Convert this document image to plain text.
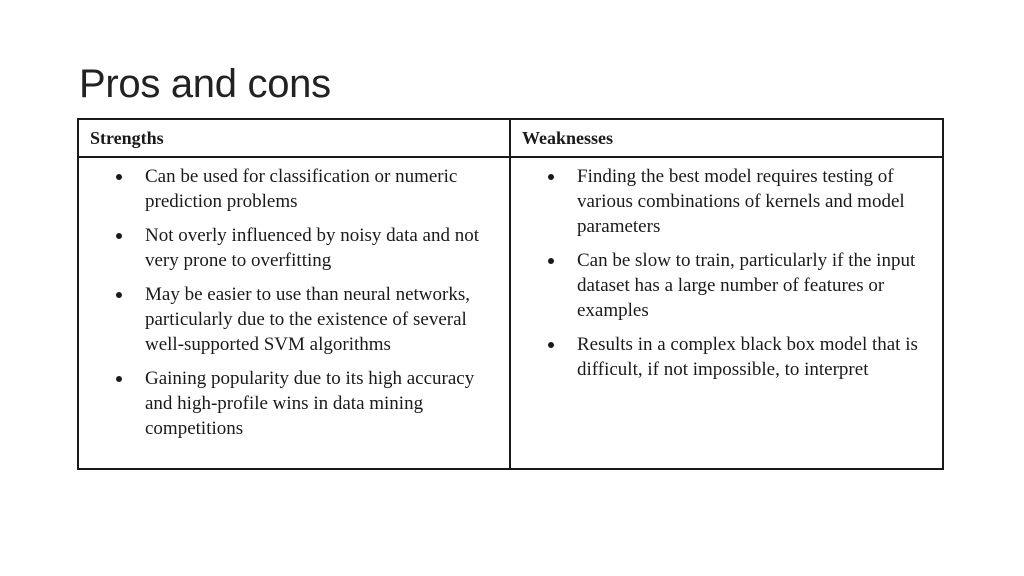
Pros and cons
Strengths	Weaknesses
Can be used for classification or numeric prediction problems
Not overly influenced by noisy data and not very prone to overfitting
May be easier to use than neural networks, particularly due to the existence of several well-supported SVM algorithms
Gaining popularity due to its high accuracy and high-profile wins in data mining competitions
Finding the best model requires testing of various combinations of kernels and model parameters
Can be slow to train, particularly if the input dataset has a large number of features or examples
Results in a complex black box model that is difficult, if not impossible, to interpret
